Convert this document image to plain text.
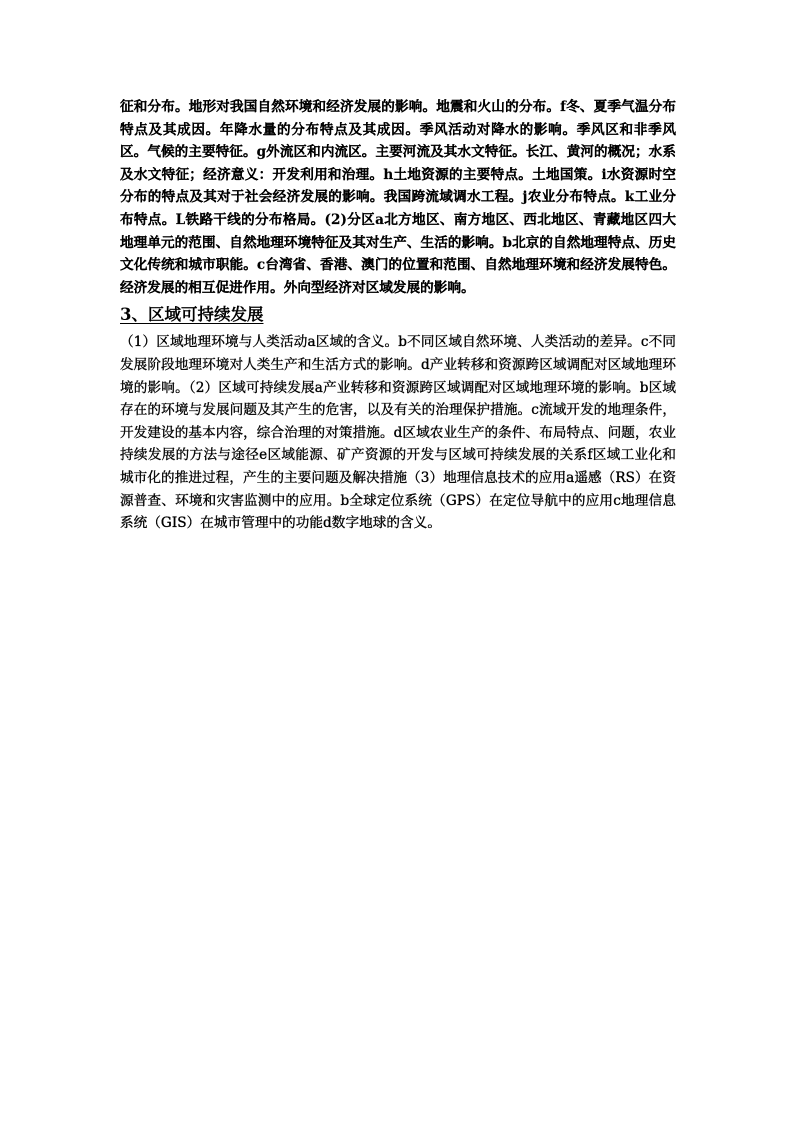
征和分布。地形对我国自然环境和经济发展的影响。地震和火山的分布。f冬、夏季气温分布特点及其成因。年降水量的分布特点及其成因。季风活动对降水的影响。季风区和非季风区。气候的主要特征。g外流区和内流区。主要河流及其水文特征。长江、黄河的概况；水系及水文特征；经济意义：开发利用和治理。h土地资源的主要特点。土地国策。i水资源时空分布的特点及其对于社会经济发展的影响。我国跨流域调水工程。j农业分布特点。k工业分布特点。L铁路干线的分布格局。(2)分区a北方地区、南方地区、西北地区、青藏地区四大地理单元的范围、自然地理环境特征及其对生产、生活的影响。b北京的自然地理特点、历史文化传统和城市职能。c台湾省、香港、澳门的位置和范围、自然地理环境和经济发展特色。经济发展的相互促进作用。外向型经济对区域发展的影响。

3、区域可持续发展

（1）区域地理环境与人类活动a区域的含义。b不同区域自然环境、人类活动的差异。c不同发展阶段地理环境对人类生产和生活方式的影响。d产业转移和资源跨区域调配对区域地理环境的影响。（2）区域可持续发展a产业转移和资源跨区域调配对区域地理环境的影响。b区域存在的环境与发展问题及其产生的危害，以及有关的治理保护措施。c流域开发的地理条件，开发建设的基本内容，综合治理的对策措施。d区域农业生产的条件、布局特点、问题，农业持续发展的方法与途径e区域能源、矿产资源的开发与区域可持续发展的关系f区域工业化和城市化的推进过程，产生的主要问题及解决措施（3）地理信息技术的应用a遥感（RS）在资源普查、环境和灾害监测中的应用。b全球定位系统（GPS）在定位导航中的应用c地理信息系统（GIS）在城市管理中的功能d数字地球的含义。
